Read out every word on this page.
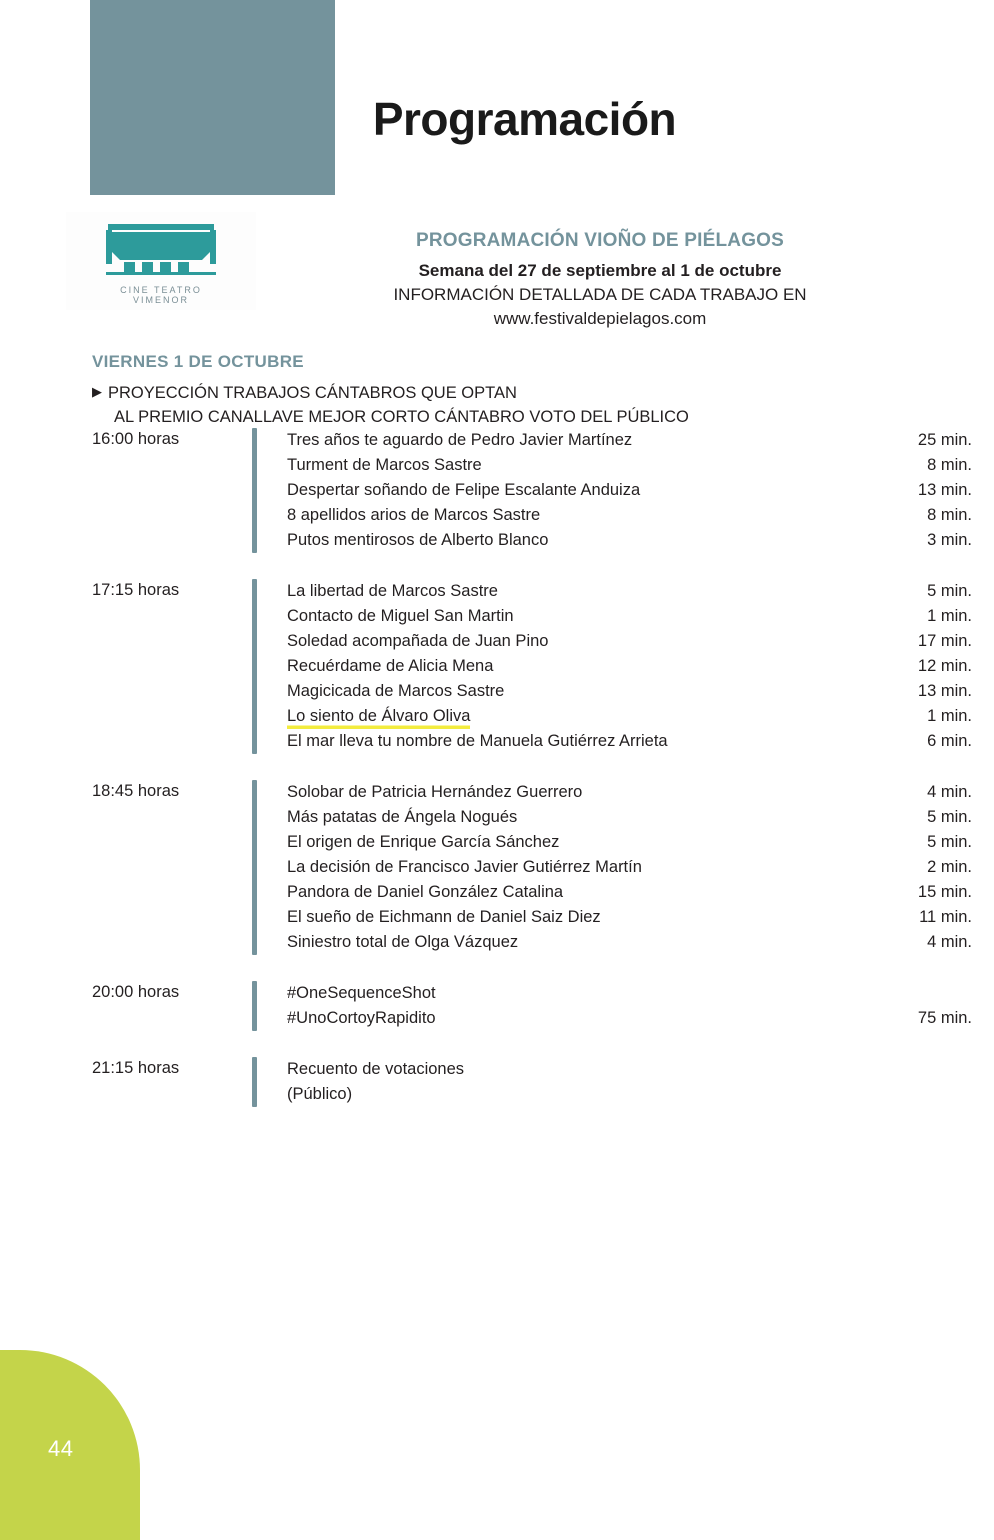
Programación
CINE TEATRO VIMENOR
PROGRAMACIÓN VIOÑO DE PIÉLAGOS
Semana del 27 de septiembre al 1 de octubre
INFORMACIÓN DETALLADA DE CADA TRABAJO EN
www.festivaldepielagos.com
VIERNES 1 DE OCTUBRE
▶ PROYECCIÓN TRABAJOS CÁNTABROS QUE OPTAN
AL PREMIO CANALLAVE MEJOR CORTO CÁNTABRO VOTO DEL PÚBLICO
16:00 horas	Tres años te aguardo de Pedro Javier Martínez	25 min.
Turment de Marcos Sastre	8 min.
Despertar soñando de Felipe Escalante Anduiza	13 min.
8 apellidos arios de Marcos Sastre	8 min.
Putos mentirosos de Alberto Blanco	3 min.
17:15 horas	La libertad de Marcos Sastre	5 min.
Contacto de Miguel San Martin	1 min.
Soledad acompañada de Juan Pino	17 min.
Recuérdame de Alicia Mena	12 min.
Magicicada de Marcos Sastre	13 min.
Lo siento de Álvaro Oliva	1 min.
El mar lleva tu nombre de Manuela Gutiérrez Arrieta	6 min.
18:45 horas	Solobar de Patricia Hernández Guerrero	4 min.
Más patatas de Ángela Nogués	5 min.
El origen de Enrique García Sánchez	5 min.
La decisión de Francisco Javier Gutiérrez Martín	2 min.
Pandora de Daniel González Catalina	15 min.
El sueño de Eichmann de Daniel Saiz Diez	11 min.
Siniestro total de Olga Vázquez	4 min.
20:00 horas	#OneSequenceShot
#UnoCortoyRapidito	75 min.
21:15 horas	Recuento de votaciones
(Público)
44
